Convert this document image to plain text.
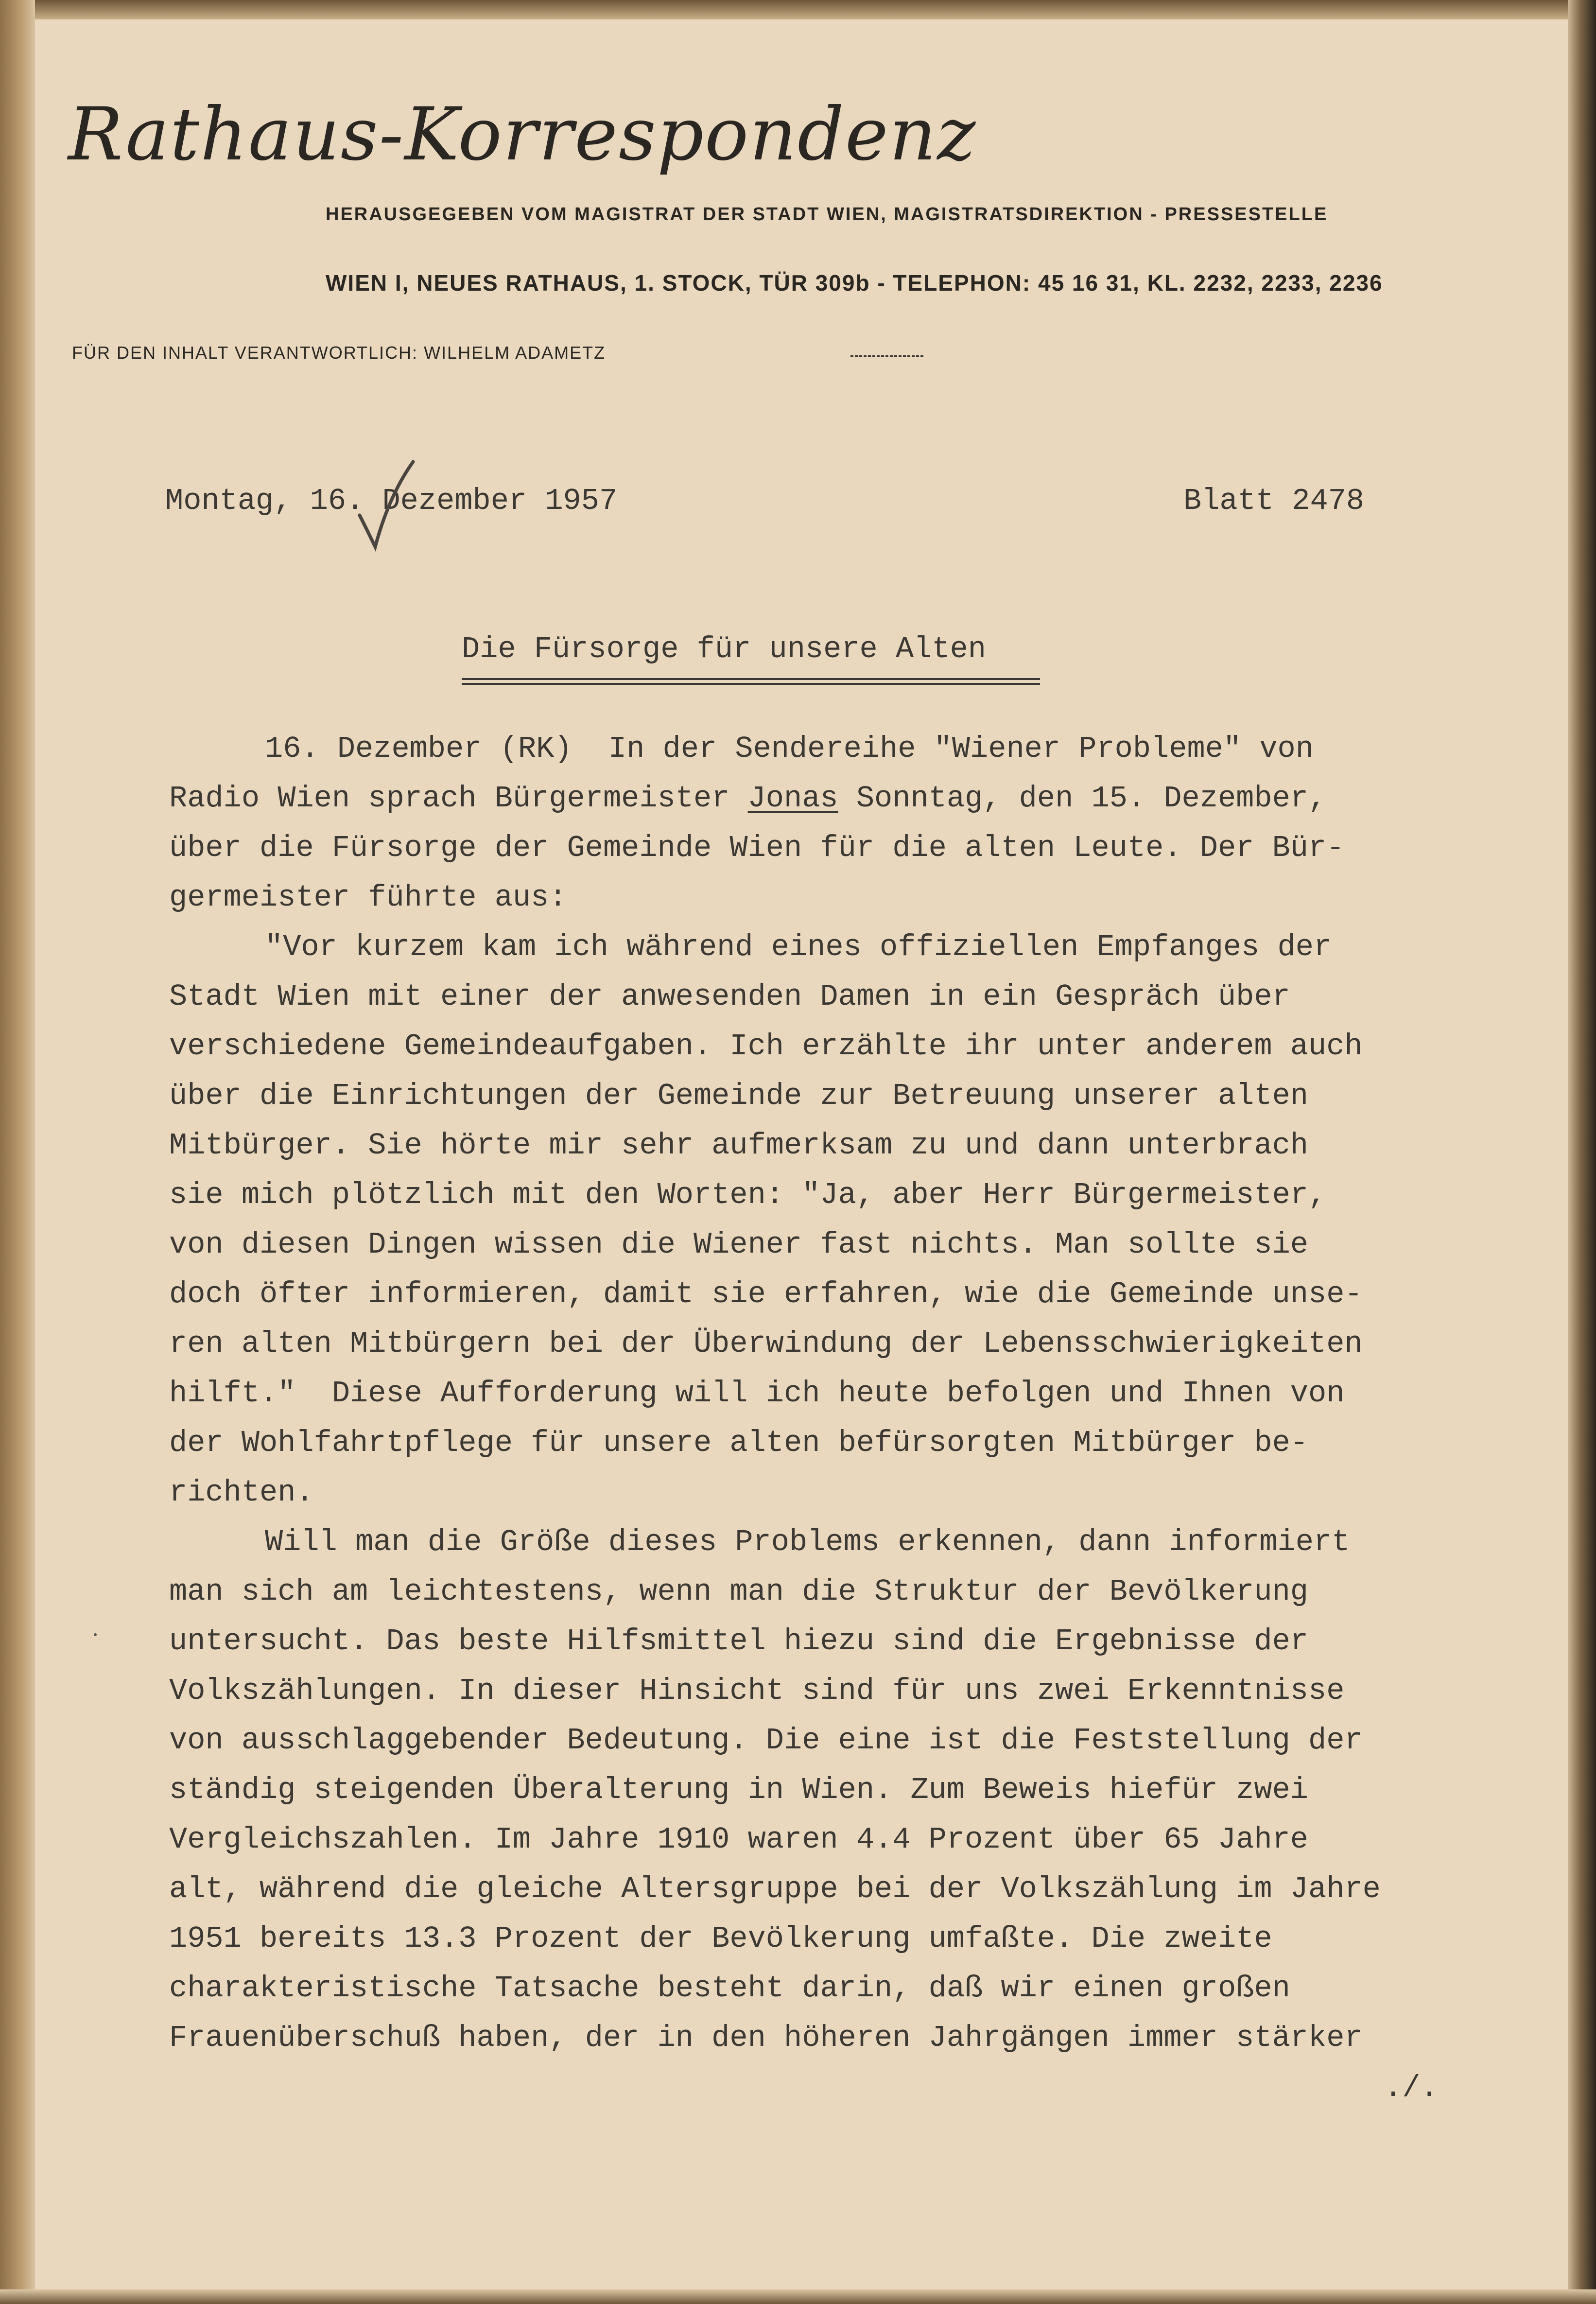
Rathaus-Korrespondenz
HERAUSGEGEBEN VOM MAGISTRAT DER STADT WIEN, MAGISTRATSDIREKTION - PRESSESTELLE
WIEN I, NEUES RATHAUS, 1. STOCK, TÜR 309b - TELEPHON: 45 16 31, KL. 2232, 2233, 2236
FÜR DEN INHALT VERANTWORTLICH: WILHELM ADAMETZ
Montag, 16. Dezember 1957	Blatt 2478
Die Fürsorge für unsere Alten
16. Dezember (RK)  In der Sendereihe "Wiener Probleme" von
Radio Wien sprach Bürgermeister Jonas Sonntag, den 15. Dezember,
über die Fürsorge der Gemeinde Wien für die alten Leute. Der Bür-
germeister führte aus:
"Vor kurzem kam ich während eines offiziellen Empfanges der
Stadt Wien mit einer der anwesenden Damen in ein Gespräch über
verschiedene Gemeindeaufgaben. Ich erzählte ihr unter anderem auch
über die Einrichtungen der Gemeinde zur Betreuung unserer alten
Mitbürger. Sie hörte mir sehr aufmerksam zu und dann unterbrach
sie mich plötzlich mit den Worten: "Ja, aber Herr Bürgermeister,
von diesen Dingen wissen die Wiener fast nichts. Man sollte sie
doch öfter informieren, damit sie erfahren, wie die Gemeinde unse-
ren alten Mitbürgern bei der Überwindung der Lebensschwierigkeiten
hilft."  Diese Aufforderung will ich heute befolgen und Ihnen von
der Wohlfahrtpflege für unsere alten befürsorgten Mitbürger be-
richten.
Will man die Größe dieses Problems erkennen, dann informiert
man sich am leichtestens, wenn man die Struktur der Bevölkerung
untersucht. Das beste Hilfsmittel hiezu sind die Ergebnisse der
Volkszählungen. In dieser Hinsicht sind für uns zwei Erkenntnisse
von ausschlaggebender Bedeutung. Die eine ist die Feststellung der
ständig steigenden Überalterung in Wien. Zum Beweis hiefür zwei
Vergleichszahlen. Im Jahre 1910 waren 4.4 Prozent über 65 Jahre
alt, während die gleiche Altersgruppe bei der Volkszählung im Jahre
1951 bereits 13.3 Prozent der Bevölkerung umfaßte. Die zweite
charakteristische Tatsache besteht darin, daß wir einen großen
Frauenüberschuß haben, der in den höheren Jahrgängen immer stärker
./.
